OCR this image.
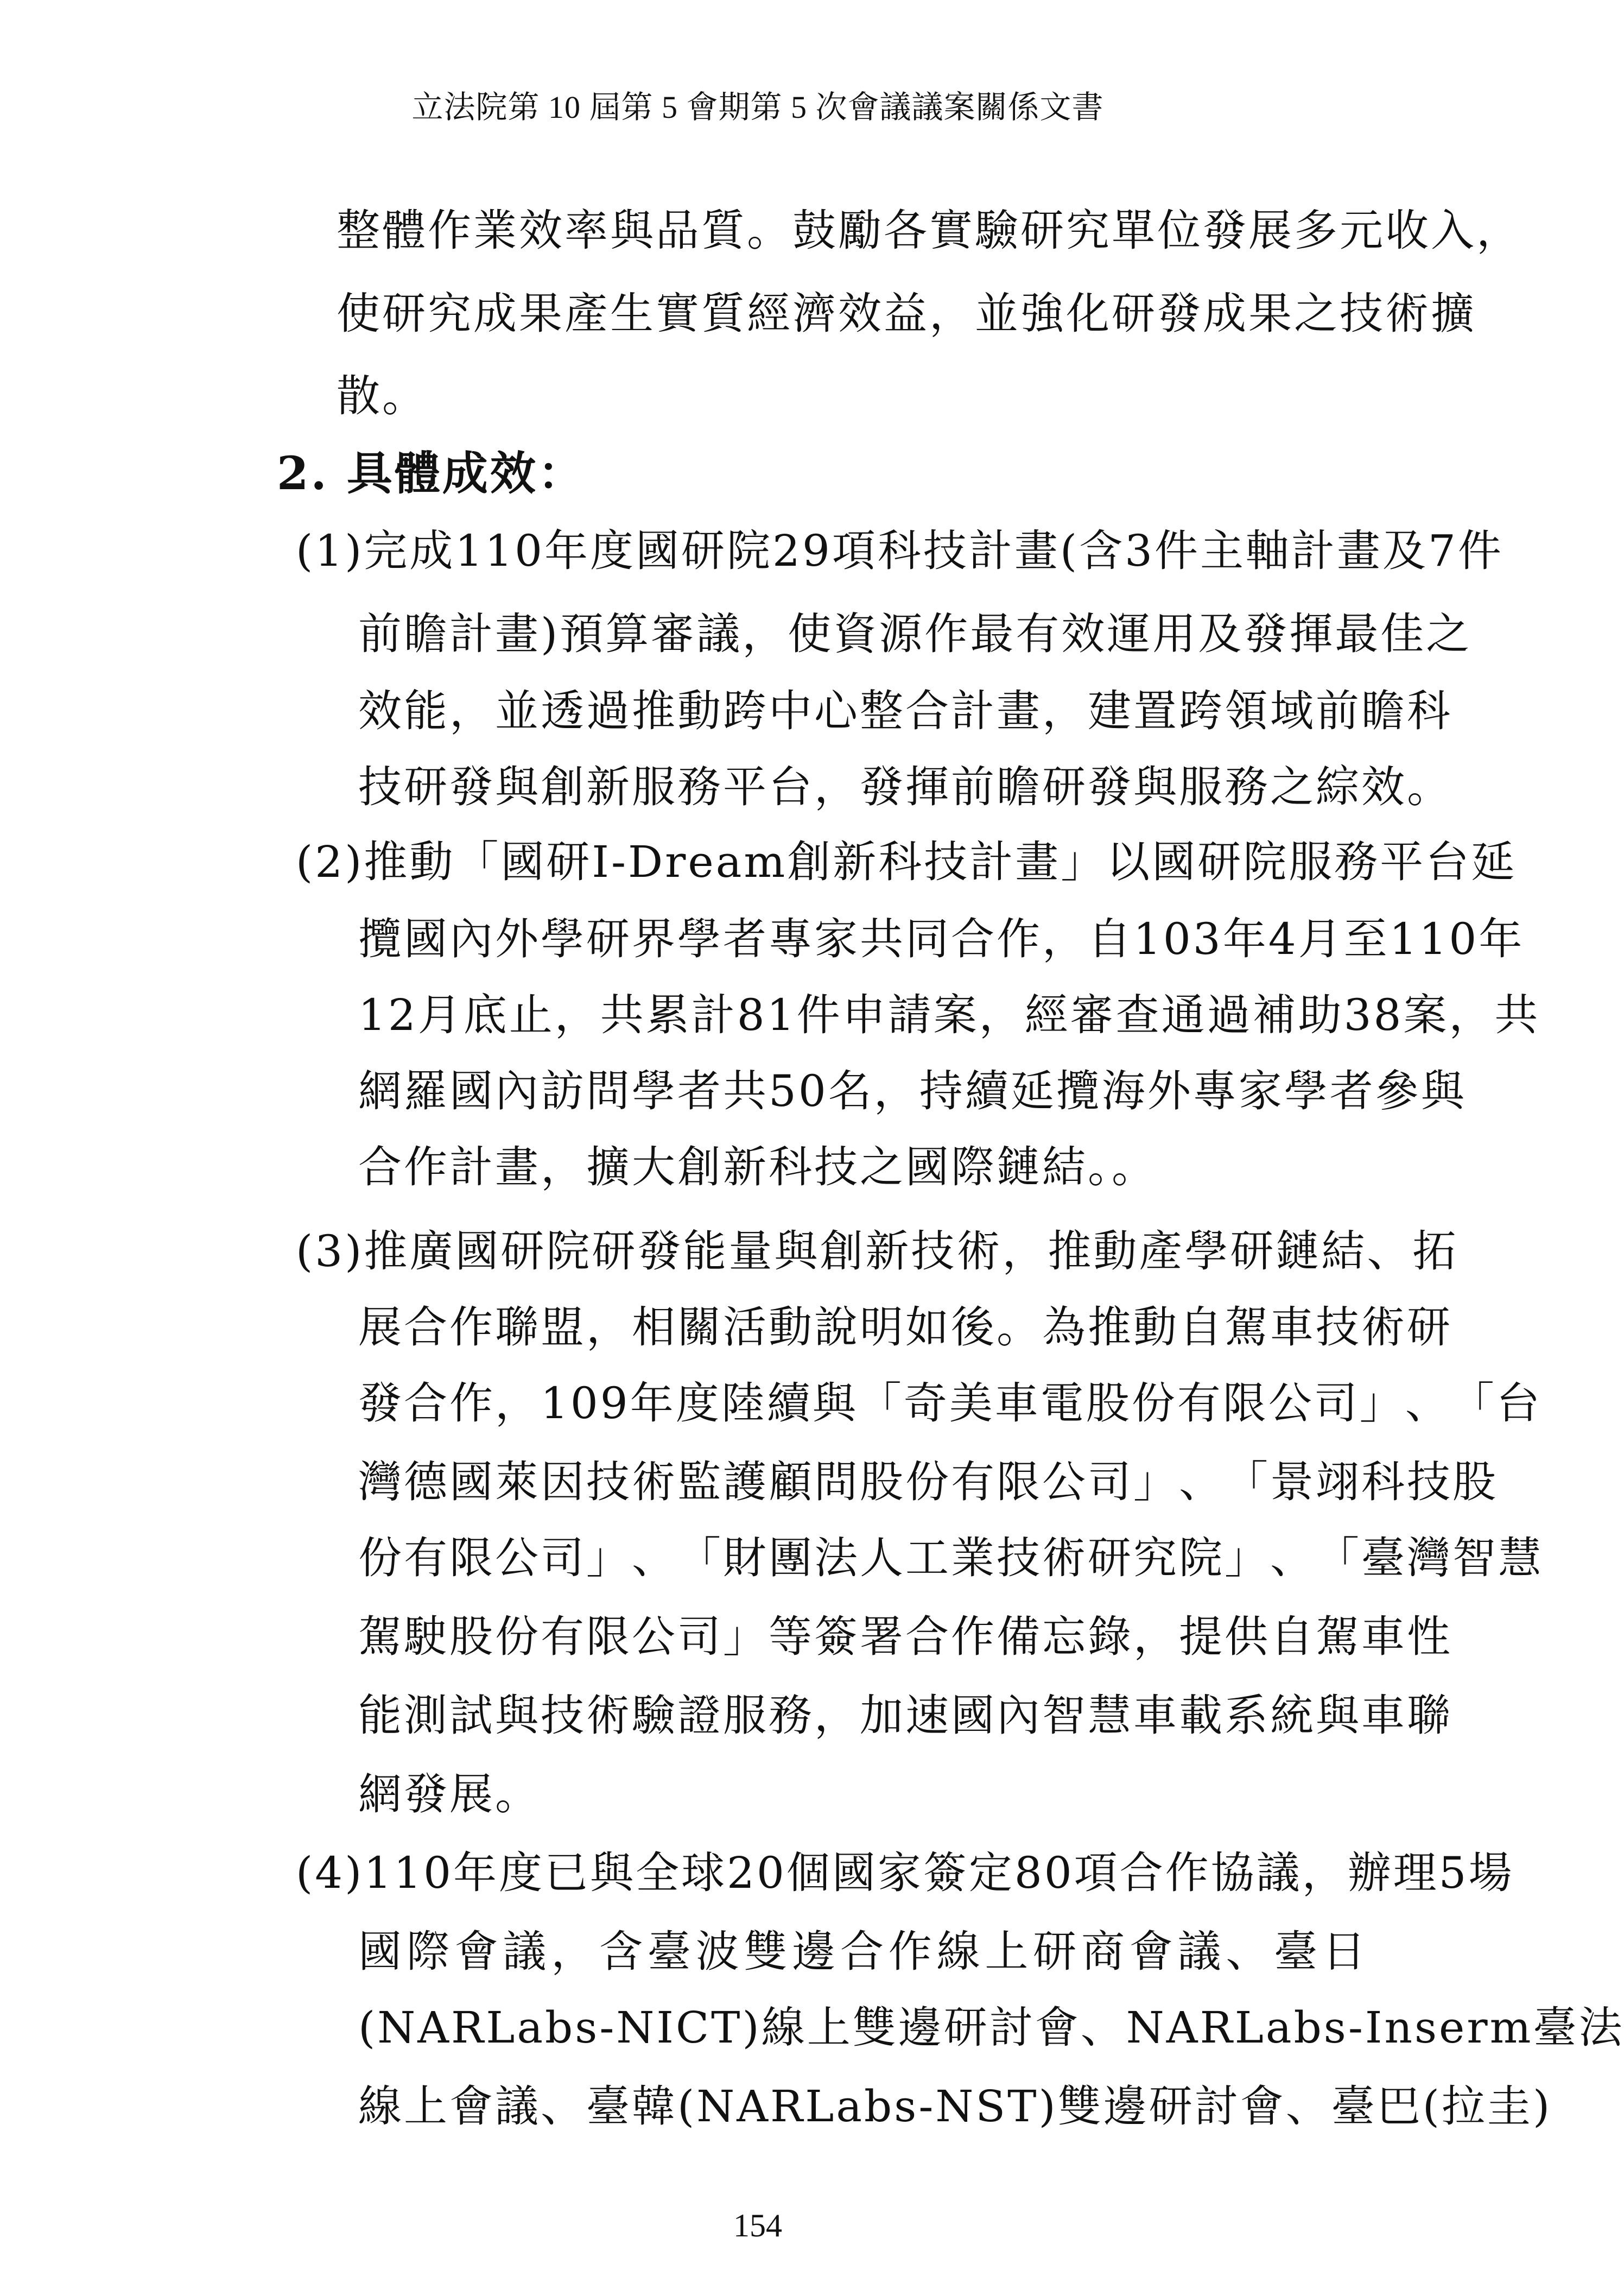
立法院第 10 屆第 5 會期第 5 次會議議案關係文書
整 體 作 業 效 率 與 品 質 。 鼓 勵 各 實 驗 研 究 單 位 發 展 多 元 收 入 ，
使 研 究 成 果 產 生 實 質 經 濟 效 益 ， 並 強 化 研 發 成 果 之 技 術 擴
散。
2. 具體成效：
( 1 ) 完 成 110 年 度 國 研 院 29 項 科 技 計 畫 ( 含 3 件 主 軸 計 畫 及 7 件
前 瞻 計 畫 ) 預 算 審 議 ， 使 資 源 作 最 有 效 運 用 及 發 揮 最 佳 之
效 能 ， 並 透 過 推 動 跨 中 心 整 合 計 畫 ， 建 置 跨 領 域 前 瞻 科
技 研 發 與 創 新 服 務 平 台 ， 發 揮 前 瞻 研 發 與 服 務 之 綜 效 。
( 2 ) 推 動 「 國 研 I-Dream 創 新 科 技 計 畫 」 以 國 研 院 服 務 平 台 延
攬 國 內 外 學 研 界 學 者 專 家 共 同 合 作 ， 自 103 年 4 月 至 110 年
12 月 底 止 ， 共 累 計 81 件 申 請 案 ， 經 審 查 通 過 補 助 38 案 ， 共
網 羅 國 內 訪 問 學 者 共 50 名 ， 持 續 延 攬 海 外 專 家 學 者 參 與
合作計畫，擴大創新科技之國際鏈結。。
( 3 ) 推 廣 國 研 院 研 發 能 量 與 創 新 技 術 ， 推 動 產 學 研 鏈 結 、 拓
展 合 作 聯 盟 ， 相 關 活 動 說 明 如 後 。 為 推 動 自 駕 車 技 術 研
發 合 作 ， 109 年 度 陸 續 與 「 奇 美 車 電 股 份 有 限 公 司 」 、 「 台
灣 德 國 萊 因 技 術 監 護 顧 問 股 份 有 限 公 司 」 、 「 景 翊 科 技 股
份 有 限 公 司 」 、 「 財 團 法 人 工 業 技 術 研 究 院 」 、 「 臺 灣 智 慧
駕 駛 股 份 有 限 公 司 」 等 簽 署 合 作 備 忘 錄 ， 提 供 自 駕 車 性
能 測 試 與 技 術 驗 證 服 務 ， 加 速 國 內 智 慧 車 載 系 統 與 車 聯
網發展。
( 4 ) 110 年 度 已 與 全 球 20 個 國 家 簽 定 80 項 合 作 協 議 ， 辦 理 5 場
國 際 會 議 ， 含 臺 波 雙 邊 合 作 線 上 研 商 會 議 、 臺 日
( NARLabs-NICT ) 線 上 雙 邊 研 討 會 、 NARLabs-Inserm 臺 法
線 上 會 議 、 臺 韓 ( NARLabs-NST ) 雙 邊 研 討 會 、 臺 巴 ( 拉 圭 )
154
